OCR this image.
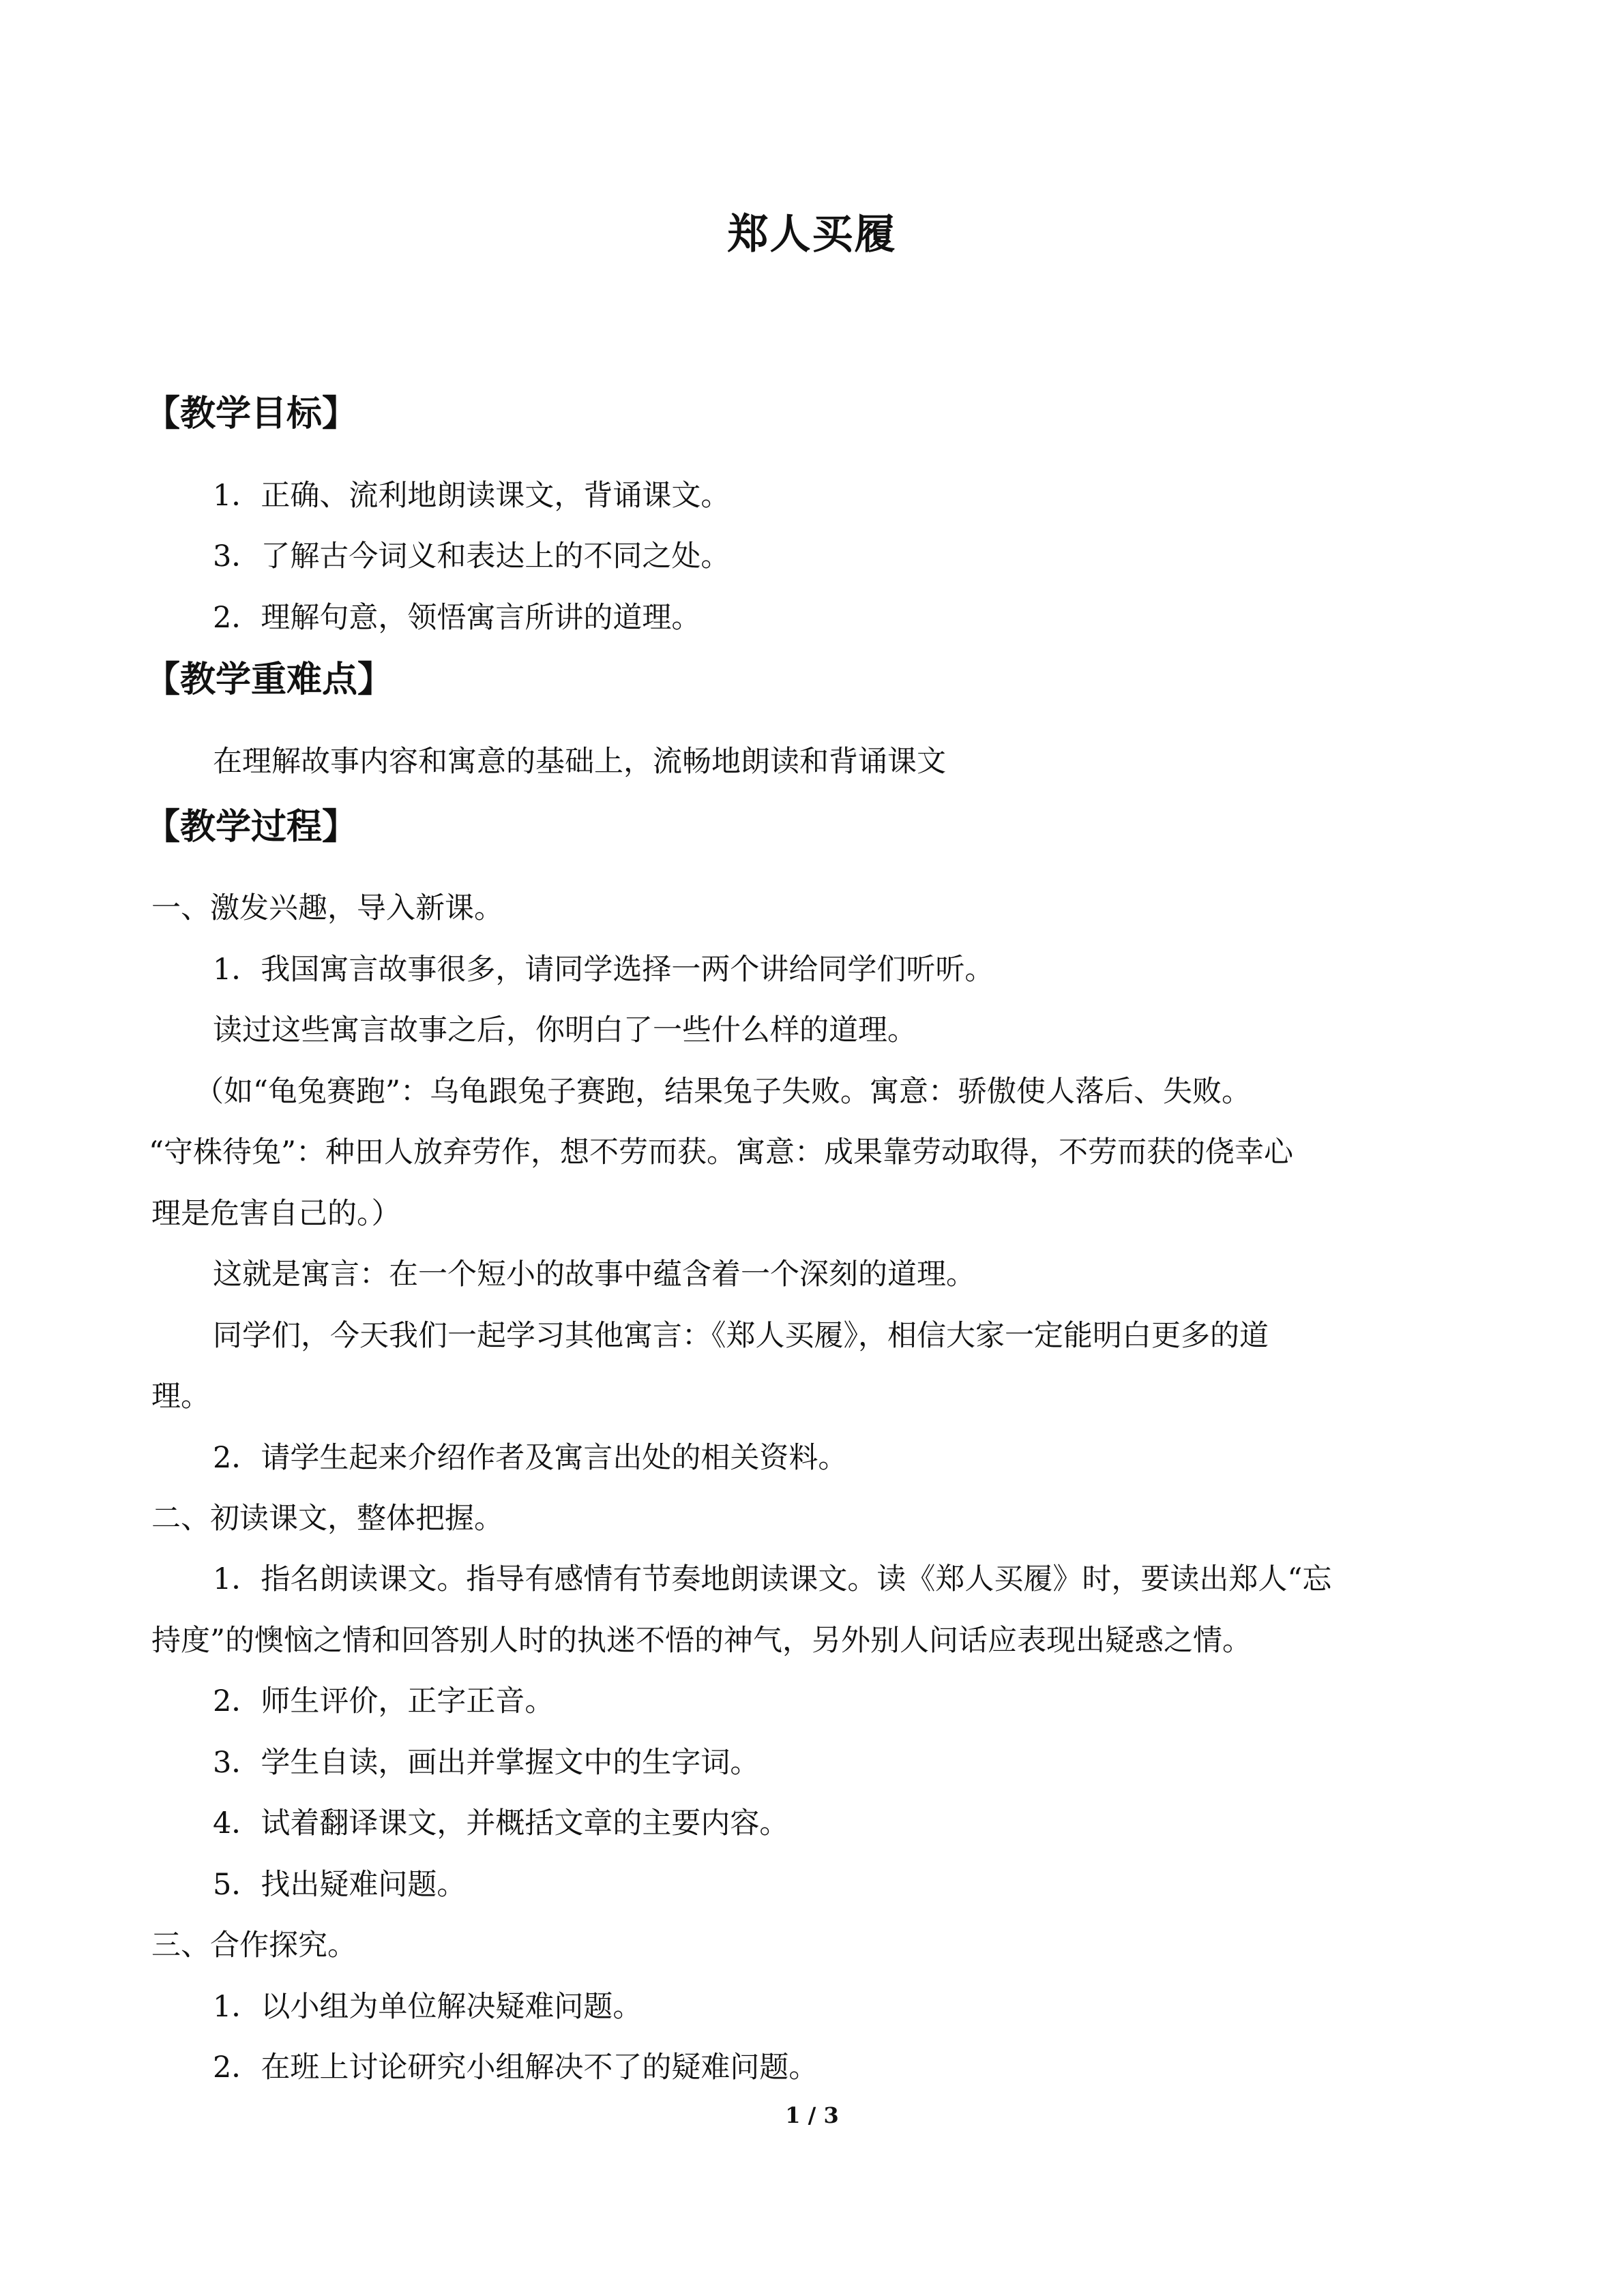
郑人买履
【教学目标】
1．正确、流利地朗读课文，背诵课文。
3．了解古今词义和表达上的不同之处。
2．理解句意，领悟寓言所讲的道理。
【教学重难点】
在理解故事内容和寓意的基础上，流畅地朗读和背诵课文
【教学过程】
一、激发兴趣，导入新课。
1．我国寓言故事很多，请同学选择一两个讲给同学们听听。
读过这些寓言故事之后，你明白了一些什么样的道理。
（如“龟兔赛跑”：乌龟跟兔子赛跑，结果兔子失败。寓意：骄傲使人落后、失败。
“守株待兔”：种田人放弃劳作，想不劳而获。寓意：成果靠劳动取得，不劳而获的侥幸心
理是危害自己的。）
这就是寓言：在一个短小的故事中蕴含着一个深刻的道理。
同学们，今天我们一起学习其他寓言：《郑人买履》，相信大家一定能明白更多的道
理。
2．请学生起来介绍作者及寓言出处的相关资料。
二、初读课文，整体把握。
1．指名朗读课文。指导有感情有节奏地朗读课文。读《郑人买履》时，要读出郑人“忘
持度”的懊恼之情和回答别人时的执迷不悟的神气，另外别人问话应表现出疑惑之情。
2．师生评价，正字正音。
3．学生自读，画出并掌握文中的生字词。
4．试着翻译课文，并概括文章的主要内容。
5．找出疑难问题。
三、合作探究。
1．以小组为单位解决疑难问题。
2．在班上讨论研究小组解决不了的疑难问题。
1 / 3
